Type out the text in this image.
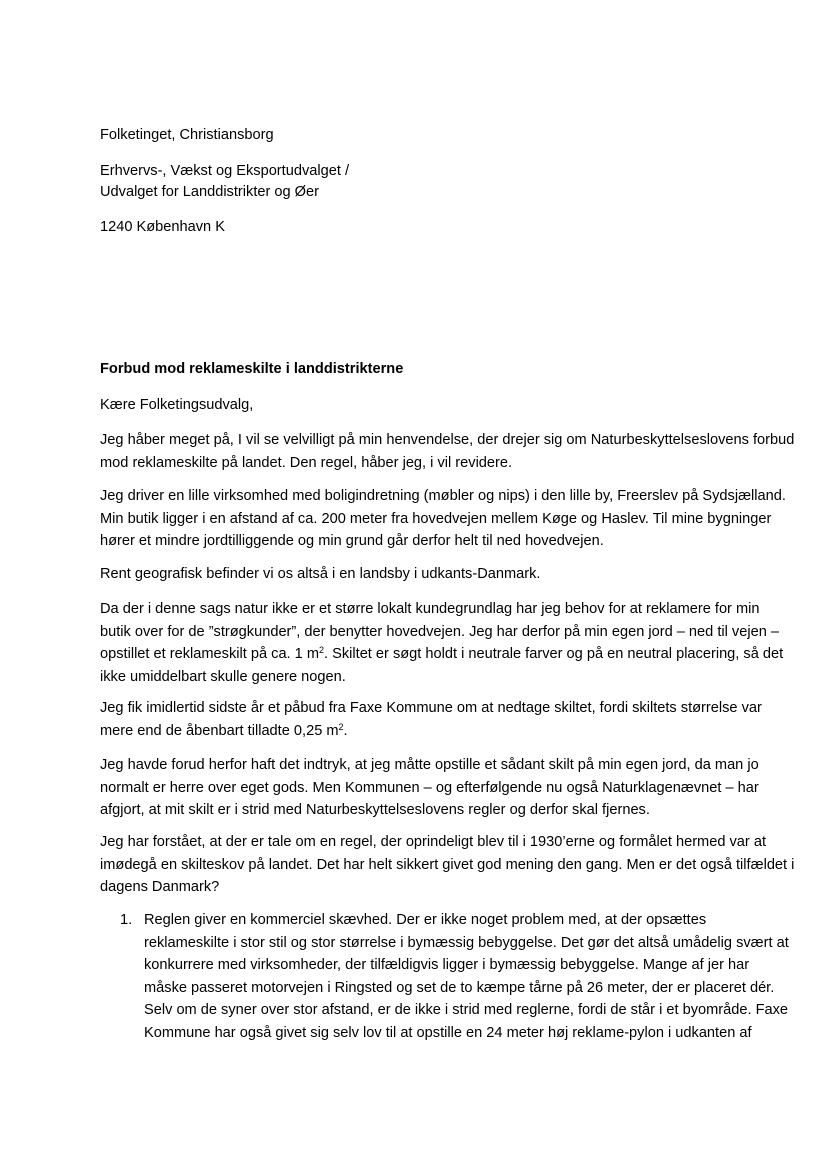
Folketinget, Christiansborg

Erhvervs-, Vækst og Eksportudvalget /

Udvalget for Landdistrikter og Øer

1240 København K

Forbud mod reklameskilte i landdistrikterne

Kære Folketingsudvalg,

Jeg håber meget på, I vil se velvilligt på min henvendelse, der drejer sig om Naturbeskyttelseslovens forbud
mod reklameskilte på landet. Den regel, håber jeg, i vil revidere.
Jeg driver en lille virksomhed med boligindretning (møbler og nips) i den lille by, Freerslev på Sydsjælland.
Min butik ligger i en afstand af ca. 200 meter fra hovedvejen mellem Køge og Haslev. Til mine bygninger
hører et mindre jordtilliggende og min grund går derfor helt til ned hovedvejen.
Rent geografisk befinder vi os altså i en landsby i udkants-Danmark.
Da der i denne sags natur ikke er et større lokalt kundegrundlag har jeg behov for at reklamere for min
butik over for de ”strøgkunder”, der benytter hovedvejen. Jeg har derfor på min egen jord – ned til vejen –
opstillet et reklameskilt på ca. 1 $m^2$. Skiltet er søgt holdt i neutrale farver og på en neutral placering, så det
ikke umiddelbart skulle genere nogen.
Jeg fik imidlertid sidste år et påbud fra Faxe Kommune om at nedtage skiltet, fordi skiltets størrelse var
mere end de åbenbart tilladte 0,25 $m^2$.
Jeg havde forud herfor haft det indtryk, at jeg måtte opstille et sådant skilt på min egen jord, da man jo
normalt er herre over eget gods. Men Kommunen – og efterfølgende nu også Naturklagenævnet – har
afgjort, at mit skilt er i strid med Naturbeskyttelseslovens regler og derfor skal fjernes.
Jeg har forstået, at der er tale om en regel, der oprindeligt blev til i 1930’erne og formålet hermed var at
imødegå en skilteskov på landet. Det har helt sikkert givet god mening den gang. Men er det også tilfældet i
dagens Danmark?
1. Reglen giver en kommerciel skævhed. Der er ikke noget problem med, at der opsættes
reklameskilte i stor stil og stor størrelse i bymæssig bebyggelse. Det gør det altså umådelig svært at
konkurrere med virksomheder, der tilfældigvis ligger i bymæssig bebyggelse. Mange af jer har
måske passeret motorvejen i Ringsted og set de to kæmpe tårne på 26 meter, der er placeret dér.
Selv om de syner over stor afstand, er de ikke i strid med reglerne, fordi de står i et byområde. Faxe
Kommune har også givet sig selv lov til at opstille en 24 meter høj reklame-pylon i udkanten af
